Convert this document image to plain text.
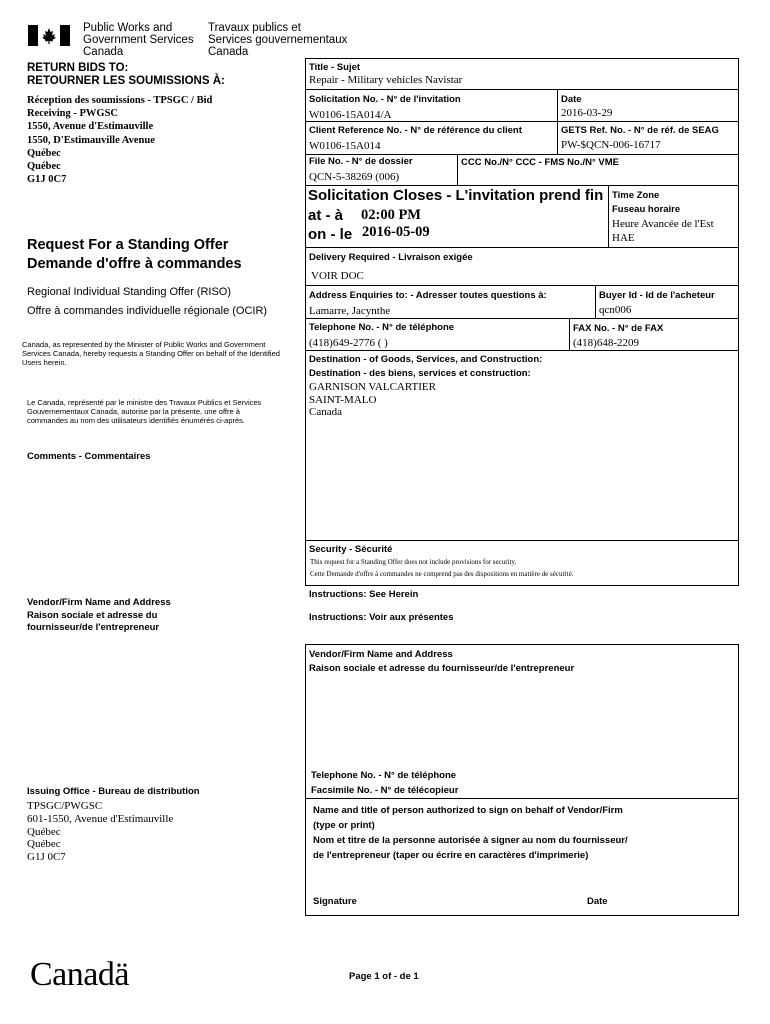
Public Works and
Government Services
Canada
Travaux publics et
Services gouvernementaux
Canada
RETURN BIDS TO:
RETOURNER LES SOUMISSIONS À:
Réception des soumissions - TPSGC / Bid
Receiving - PWGSC
1550, Avenue d'Estimauville
1550, D'Estimauville Avenue
Québec
Québec
G1J 0C7
Request For a Standing Offer
Demande d'offre à commandes
Regional Individual Standing Offer (RISO)
Offre à commandes individuelle régionale (OCIR)
Canada, as represented by the Minister of Public Works and Government Services Canada, hereby requests a Standing Offer on behalf of the Identified Users herein.
Le Canada, représenté par le ministre des Travaux Publics et Services Gouvernementaux Canada, autorise par la présente, une offre à commandes au nom des utilisateurs identifiés énumérés ci-après.
Comments - Commentaires
Vendor/Firm Name and Address
Raison sociale et adresse du
fournisseur/de l'entrepreneur
Issuing Office - Bureau de distribution
TPSGC/PWGSC
601-1550, Avenue d'Estimauville
Québec
Québec
G1J 0C7
Title - Sujet
Repair - Military vehicles Navistar
Solicitation No. - N° de l'invitation
W0106-15A014/A
Date
2016-03-29
Client Reference No. - N° de référence du client
W0106-15A014
GETS Ref. No. - N° de réf. de SEAG
PW-$QCN-006-16717
File No. - N° de dossier
QCN-5-38269 (006)
CCC No./N° CCC - FMS No./N° VME
Solicitation Closes - L'invitation prend fin
at - à 02:00 PM
on - le 2016-05-09
Time Zone
Fuseau horaire
Heure Avancée de l'Est
HAE
Delivery Required - Livraison exigée
VOIR DOC
Address Enquiries to: - Adresser toutes questions à:
Lamarre, Jacynthe
Buyer Id - Id de l'acheteur
qcn006
Telephone No. - N° de téléphone
(418)649-2776 ( )
FAX No. - N° de FAX
(418)648-2209
Destination - of Goods, Services, and Construction:
Destination - des biens, services et construction:
GARNISON VALCARTIER
SAINT-MALO
Canada
Security - Sécurité
This request for a Standing Offer does not include provisions for security.
Cette Demande d'offre à commandes ne comprend pas des dispositions en matière de sécurité.
Instructions: See Herein
Instructions: Voir aux présentes
Vendor/Firm Name and Address
Raison sociale et adresse du fournisseur/de l'entrepreneur
Telephone No. - N° de téléphone
Facsimile No. - N° de télécopieur
Name and title of person authorized to sign on behalf of Vendor/Firm
(type or print)
Nom et titre de la personne autorisée à signer au nom du fournisseur/
de l'entrepreneur (taper ou écrire en caractères d'imprimerie)
Signature	Date
Canadä	Page 1 of - de 1
